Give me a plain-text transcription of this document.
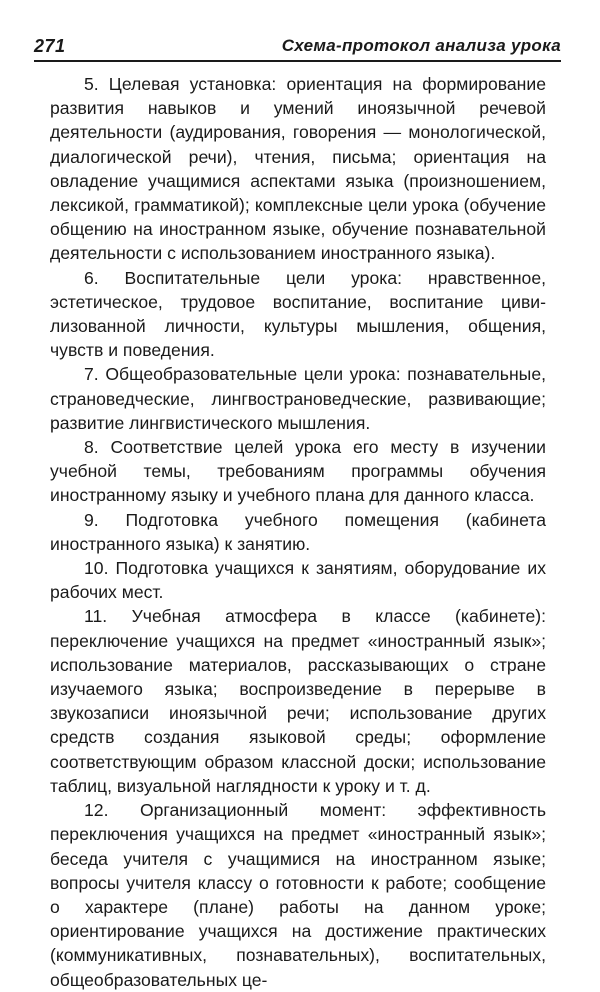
271	Схема-протокол анализа урока

5. Целевая установка: ориентация на формирование развития навыков и умений иноязычной речевой деятельности (аудирования, говорения — монологической, диалогической речи), чтения, письма; ориентация на овладение учащимися аспектами языка (произношением, лексикой, грамматикой); комплексные цели урока (обучение общению на иностранном языке, обучение познавательной деятельности с использованием иностранного языка).

6. Воспитательные цели урока: нравственное, эстетическое, трудовое воспитание, воспитание цивилизованной личности, культуры мышления, общения, чувств и поведения.

7. Общеобразовательные цели урока: познавательные, страноведческие, лингвострановедческие, развивающие; развитие лингвистического мышления.

8. Соответствие целей урока его месту в изучении учебной темы, требованиям программы обучения иностранному языку и учебного плана для данного класса.

9. Подготовка учебного помещения (кабинета иностранного языка) к занятию.

10. Подготовка учащихся к занятиям, оборудование их рабочих мест.

11. Учебная атмосфера в классе (кабинете): переключение учащихся на предмет «иностранный язык»; использование материалов, рассказывающих о стране изучаемого языка; воспроизведение в перерыве в звукозаписи иноязычной речи; использование других средств создания языковой среды; оформление соответствующим образом классной доски; использование таблиц, визуальной наглядности к уроку и т. д.

12. Организационный момент: эффективность переключения учащихся на предмет «иностранный язык»; беседа учителя с учащимися на иностранном языке; вопросы учителя классу о готовности к работе; сообщение о характере (плане) работы на данном уроке; ориентирование учащихся на достижение практических (коммуникативных, познавательных), воспитательных, общеобразовательных це-
